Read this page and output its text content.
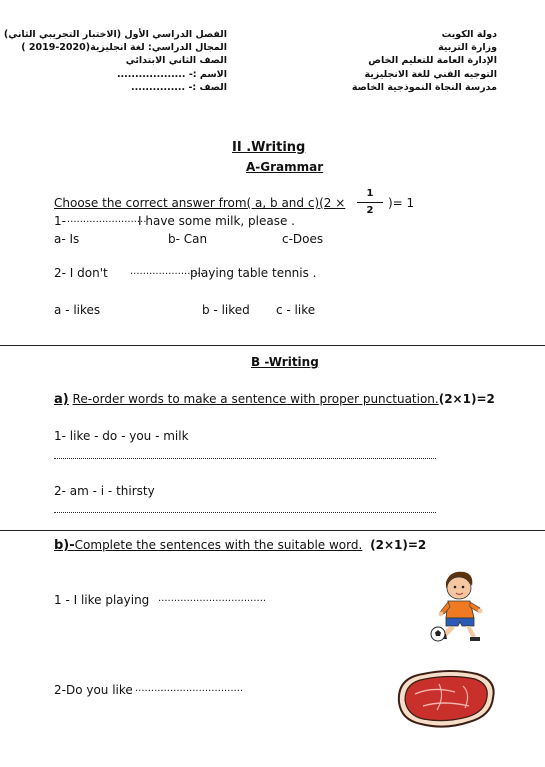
دولة الكويت
وزارة التربية
الإدارة العامة للتعليم الخاص
التوجيه الفني للغة الانجليزية
مدرسة النجاة النموذجية الخاصة
الفصل الدراسي الأول (الاختبار التجريبي الثاني)
المجال الدراسي: لغة انجليزية(2020-2019 )
الصف الثاني الابتدائي
الاسم :- ...................
الصف :- ...............
II .Writing
A-Grammar
Choose the correct answer from( a, b and c)(2 ×
1
2
)= 1
1- .........................
I have some milk, please .
a- Is	b- Can	c-Does
2- I don't .......................
playing table tennis .
a - likes	b - liked c - like
B -Writing
a) Re-order words to make a sentence with proper punctuation.(2×1)=2
1- like - do - you - milk
2- am - i - thirsty
b)-Complete the sentences with the suitable word. (2×1)=2
1 - I like playing ..................................
2-Do you like ..................................
